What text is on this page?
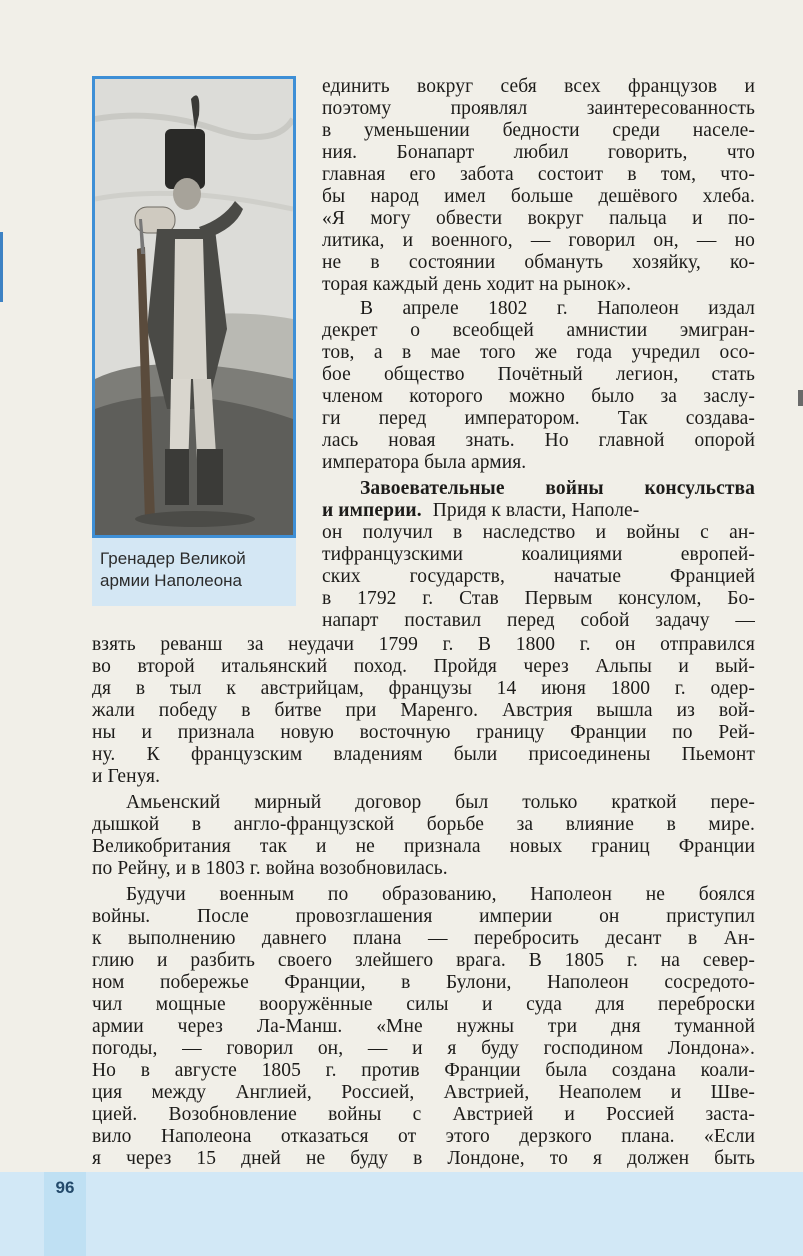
Гренадер Великой
армии Наполеона
единить вокруг себя всех французов и
поэтому проявлял заинтересованность
в уменьшении бедности среди населе-
ния. Бонапарт любил говорить, что
главная его забота состоит в том, что-
бы народ имел больше дешёвого хлеба.
«Я могу обвести вокруг пальца и по-
литика, и военного, — говорил он, — но
не в состоянии обмануть хозяйку, ко-
торая каждый день ходит на рынок».
В апреле 1802 г. Наполеон издал
декрет о всеобщей амнистии эмигран-
тов, а в мае того же года учредил осо-
бое общество Почётный легион, стать
членом которого можно было за заслу-
ги перед императором. Так создава-
лась новая знать. Но главной опорой
императора была армия.
Завоевательные войны консульства
и империи. Придя к власти, Наполе-
он получил в наследство и войны с ан-
тифранцузскими коалициями европей-
ских государств, начатые Францией
в 1792 г. Став Первым консулом, Бо-
напарт поставил перед собой задачу —
взять реванш за неудачи 1799 г. В 1800 г. он отправился
во второй итальянский поход. Пройдя через Альпы и вый-
дя в тыл к австрийцам, французы 14 июня 1800 г. одер-
жали победу в битве при Маренго. Австрия вышла из вой-
ны и признала новую восточную границу Франции по Рей-
ну. К французским владениям были присоединены Пьемонт
и Генуя.
Амьенский мирный договор был только краткой пере-
дышкой в англо-французской борьбе за влияние в мире.
Великобритания так и не признала новых границ Франции
по Рейну, и в 1803 г. война возобновилась.
Будучи военным по образованию, Наполеон не боялся
войны. После провозглашения империи он приступил
к выполнению давнего плана — перебросить десант в Ан-
глию и разбить своего злейшего врага. В 1805 г. на север-
ном побережье Франции, в Булони, Наполеон сосредото-
чил мощные вооружённые силы и суда для переброски
армии через Ла-Манш. «Мне нужны три дня туманной
погоды, — говорил он, — и я буду господином Лондона».
Но в августе 1805 г. против Франции была создана коали-
ция между Англией, Россией, Австрией, Неаполем и Шве-
цией. Возобновление войны с Австрией и Россией заста-
вило Наполеона отказаться от этого дерзкого плана. «Если
я через 15 дней не буду в Лондоне, то я должен быть
96
